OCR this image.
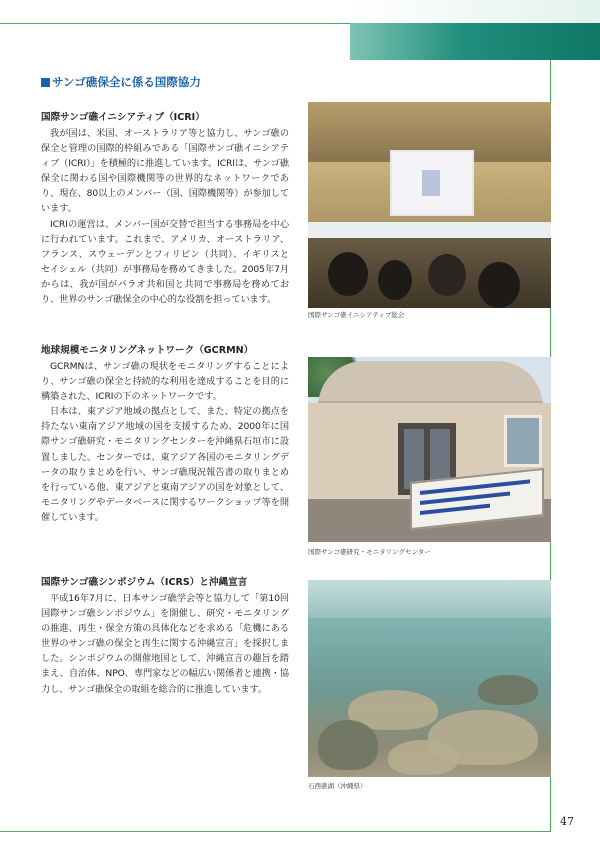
サンゴ礁保全に係る国際協力
国際サンゴ礁イニシアティブ（ICRI）

我が国は、米国、オーストラリア等と協力し、サンゴ礁の保全と管理の国際的枠組みである「国際サンゴ礁イニシアティブ（ICRI）」を積極的に推進しています。ICRIは、サンゴ礁保全に関わる国や国際機関等の世界的なネットワークであり、現在、80以上のメンバー（国、国際機関等）が参加しています。

ICRIの運営は、メンバー国が交替で担当する事務局を中心に行われています。これまで、アメリカ、オーストラリア、フランス、スウェーデンとフィリピン（共同）、イギリスとセイシェル（共同）が事務局を務めてきました。2005年7月からは、我が国がパラオ共和国と共同で事務局を務めており、世界のサンゴ礁保全の中心的な役割を担っています。

地球規模モニタリングネットワーク（GCRMN）

GCRMNは、サンゴ礁の現状をモニタリングすることにより、サンゴ礁の保全と持続的な利用を達成することを目的に構築された、ICRIの下のネットワークです。

日本は、東アジア地域の拠点として、また、特定の拠点を持たない東南アジア地域の国を支援するため、2000年に国際サンゴ礁研究・モニタリングセンターを沖縄県石垣市に設置しました。センターでは、東アジア各国のモニタリングデータの取りまとめを行い、サンゴ礁現況報告書の取りまとめを行っている他、東アジアと東南アジアの国を対象として、モニタリングやデータベースに関するワークショップ等を開催しています。

国際サンゴ礁シンポジウム（ICRS）と沖縄宣言

平成16年7月に、日本サンゴ礁学会等と協力して「第10回国際サンゴ礁シンポジウム」を開催し、研究・モニタリングの推進、再生・保全方策の具体化などを求める「危機にある世界のサンゴ礁の保全と再生に関する沖縄宣言」を採択しました。シンポジウムの開催地国として、沖縄宣言の趣旨を踏まえ、自治体、NPO、専門家などの幅広い関係者と連携・協力し、サンゴ礁保全の取組を総合的に推進しています。

国際サンゴ礁イニシアティブ総会
国際サンゴ礁研究・モニタリングセンター
石西礁湖（沖縄県）
47
